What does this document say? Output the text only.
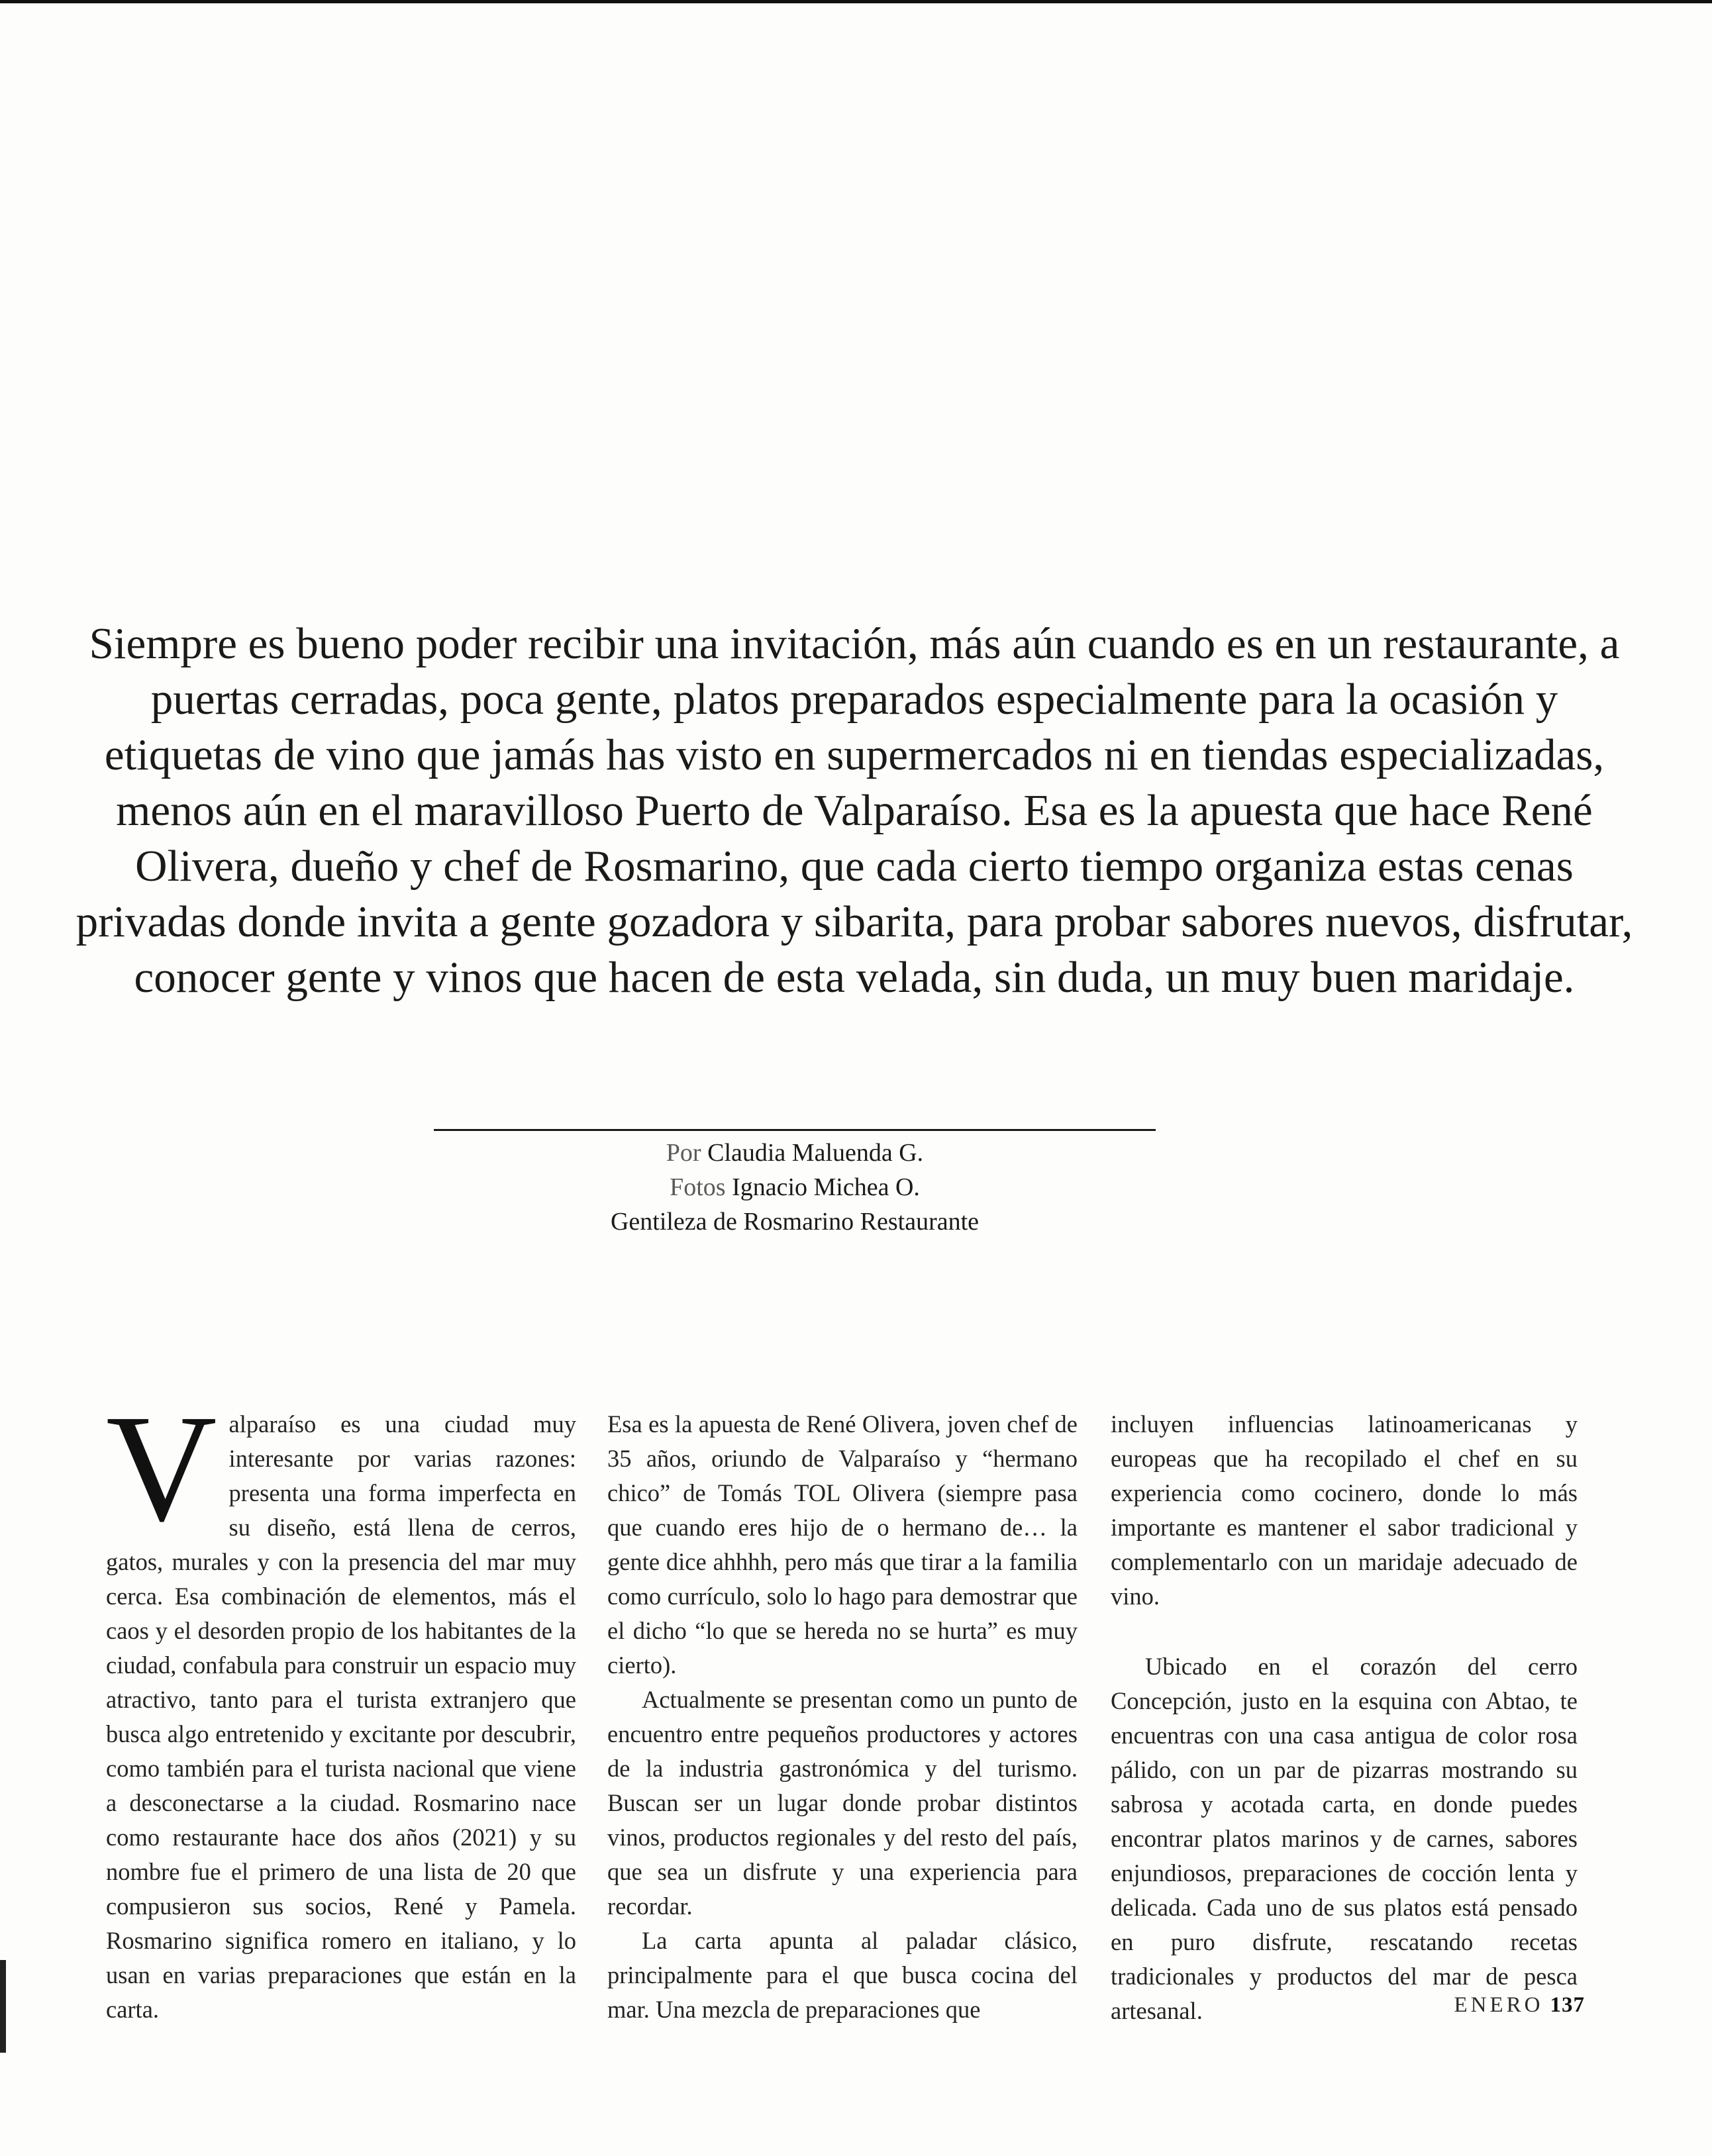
Siempre es bueno poder recibir una invitación, más aún cuando es en un restaurante, a puertas cerradas, poca gente, platos preparados especialmente para la ocasión y etiquetas de vino que jamás has visto en supermercados ni en tiendas especializadas, menos aún en el maravilloso Puerto de Valparaíso. Esa es la apuesta que hace René Olivera, dueño y chef de Rosmarino, que cada cierto tiempo organiza estas cenas privadas donde invita a gente gozadora y sibarita, para probar sabores nuevos, disfrutar, conocer gente y vinos que hacen de esta velada, sin duda, un muy buen maridaje.

Por Claudia Maluenda G.
Fotos Ignacio Michea O.
Gentileza de Rosmarino Restaurante
V alparaíso es una ciudad muy interesante por varias razones: presenta una forma imperfecta en su diseño, está llena de cerros, gatos, murales y con la presencia del mar muy cerca. Esa combinación de elementos, más el caos y el desorden propio de los habitantes de la ciudad, confabula para construir un espacio muy atractivo, tanto para el turista extranjero que busca algo entretenido y excitante por descubrir, como también para el turista nacional que viene a desconectarse a la ciudad. Rosmarino nace como restaurante hace dos años (2021) y su nombre fue el primero de una lista de 20 que compusieron sus socios, René y Pamela. Rosmarino significa romero en italiano, y lo usan en varias preparaciones que están en la carta.

Esa es la apuesta de René Olivera, joven chef de 35 años, oriundo de Valparaíso y “hermano chico” de Tomás TOL Olivera (siempre pasa que cuando eres hijo de o hermano de… la gente dice ahhhh, pero más que tirar a la familia como currículo, solo lo hago para demostrar que el dicho “lo que se hereda no se hurta” es muy cierto).

Actualmente se presentan como un punto de encuentro entre pequeños productores y actores de la industria gastronómica y del turismo. Buscan ser un lugar donde probar distintos vinos, productos regionales y del resto del país, que sea un disfrute y una experiencia para recordar.

La carta apunta al paladar clásico, principalmente para el que busca cocina del mar. Una mezcla de preparaciones que

incluyen influencias latinoamericanas y europeas que ha recopilado el chef en su experiencia como cocinero, donde lo más importante es mantener el sabor tradicional y complementarlo con un maridaje adecuado de vino.

Ubicado en el corazón del cerro Concepción, justo en la esquina con Abtao, te encuentras con una casa antigua de color rosa pálido, con un par de pizarras mostrando su sabrosa y acotada carta, en donde puedes encontrar platos marinos y de carnes, sabores enjundiosos, preparaciones de cocción lenta y delicada. Cada uno de sus platos está pensado en puro disfrute, rescatando recetas tradicionales y productos del mar de pesca artesanal.	ENERO 137
